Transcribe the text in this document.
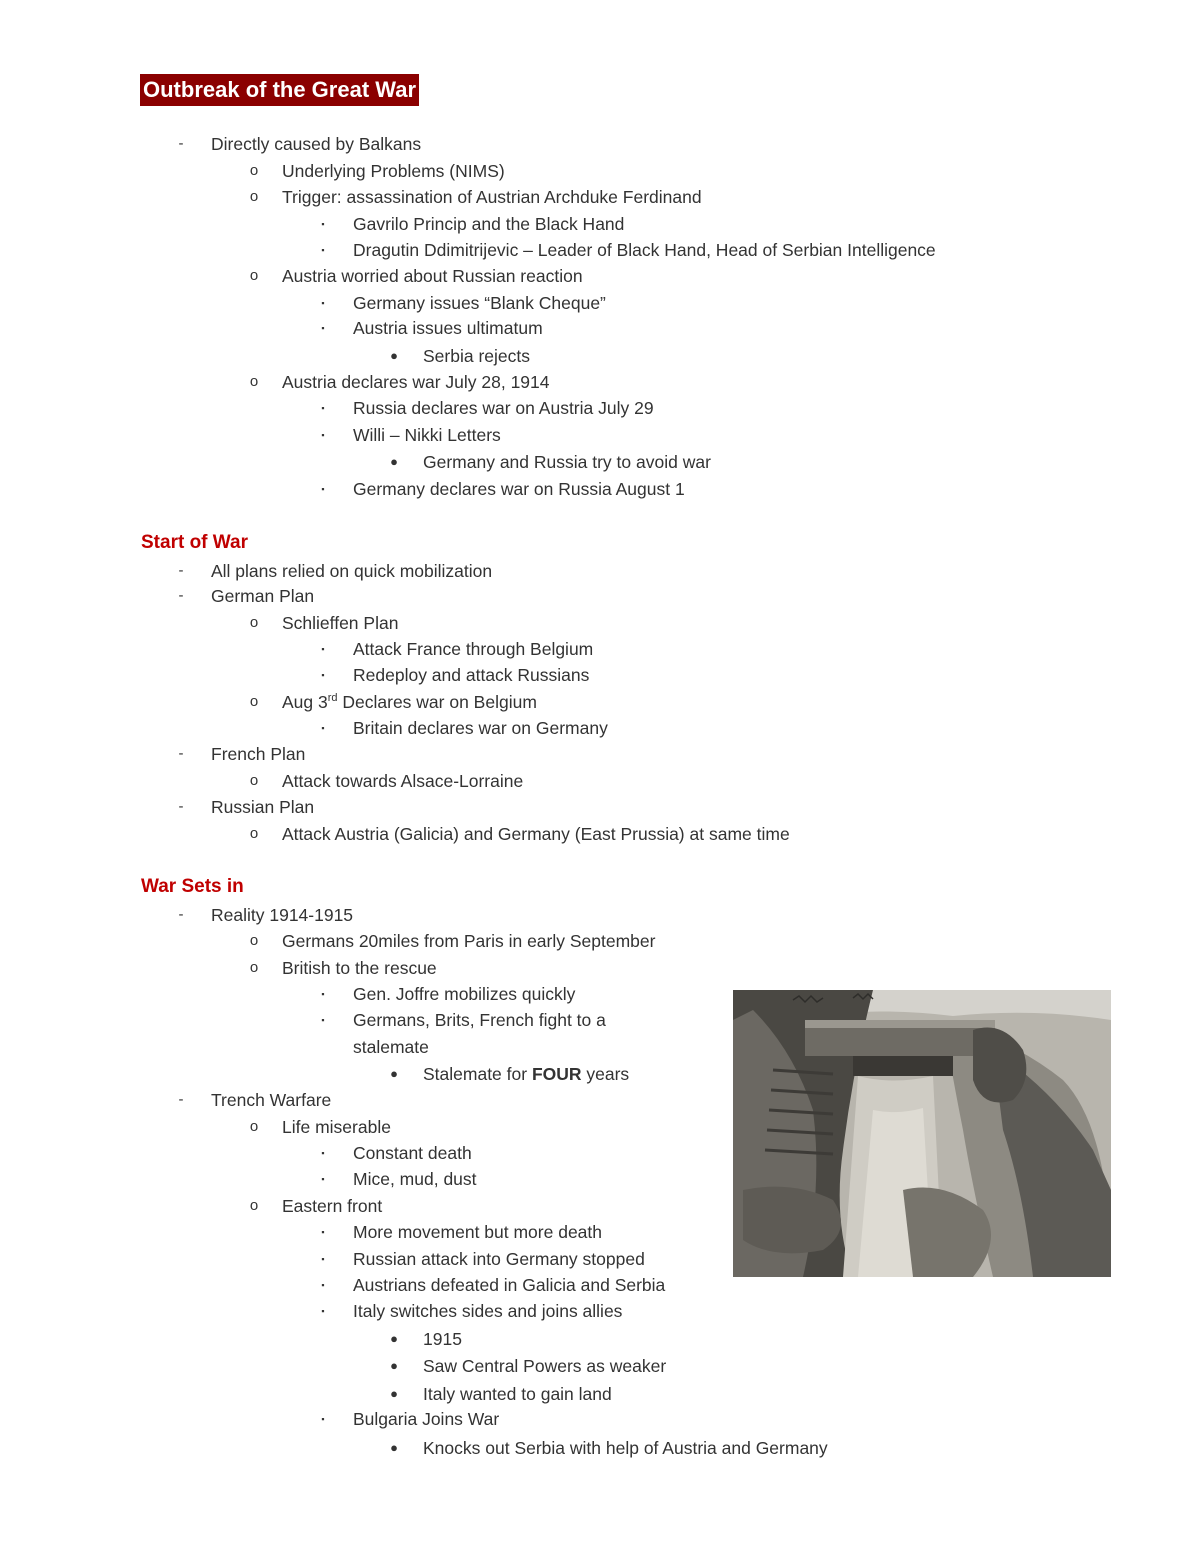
Outbreak of the Great War
- Directly caused by Balkans
o Underlying Problems (NIMS)
o Trigger: assassination of Austrian Archduke Ferdinand
▪	Gavrilo Princip and the Black Hand
▪	Dragutin Ddimitrijevic – Leader of Black Hand, Head of Serbian Intelligence
o Austria worried about Russian reaction
▪	Germany issues “Blank Cheque”
▪	Austria issues ultimatum
● Serbia rejects
o Austria declares war July 28, 1914
▪	Russia declares war on Austria July 29
▪	Willi – Nikki Letters
● Germany and Russia try to avoid war
▪	Germany declares war on Russia August 1
Start of War
- All plans relied on quick mobilization
- German Plan
o Schlieffen Plan
▪	Attack France through Belgium
▪	Redeploy and attack Russians
o Aug 3rd Declares war on Belgium
▪	Britain declares war on Germany
- French Plan
o Attack towards Alsace-Lorraine
- Russian Plan
o Attack Austria (Galicia) and Germany (East Prussia) at same time
War Sets in
- Reality 1914-1915
o Germans 20miles from Paris in early September
o British to the rescue
▪	Gen. Joffre mobilizes quickly
▪	Germans, Brits, French fight to a
stalemate
● Stalemate for FOUR years
- Trench Warfare
o Life miserable
▪	Constant death
▪	Mice, mud, dust
o Eastern front
▪	More movement but more death
▪	Russian attack into Germany stopped
▪	Austrians defeated in Galicia and Serbia
▪	Italy switches sides and joins allies
● 1915
● Saw Central Powers as weaker
● Italy wanted to gain land
▪	Bulgaria Joins War
● Knocks out Serbia with help of Austria and Germany
